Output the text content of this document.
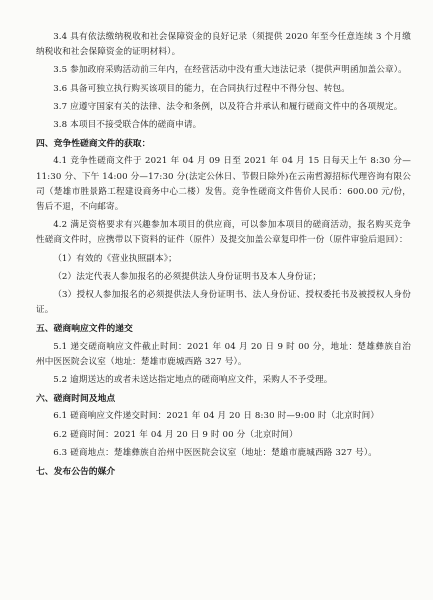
3.4 具有依法缴纳税收和社会保障资金的良好记录（须提供 2020 年至今任意连续 3 个月缴纳税收和社会保障资金的证明材料）。

3.5 参加政府采购活动前三年内，在经营活动中没有重大违法记录（提供声明函加盖公章）。

3.6 具备可独立执行购买该项目的能力，在合同执行过程中不得分包、转包。

3.7 应遵守国家有关的法律、法令和条例，以及符合并承认和履行磋商文件中的各项规定。

3.8 本项目不接受联合体的磋商申请。

四、竞争性磋商文件的获取：

4.1 竞争性磋商文件于 2021 年 04 月 09 日至 2021 年 04 月 15 日每天上午 8:30 分—11:30 分、下午 14:00 分—17:30 分(法定公休日、节假日除外)在云南哲源招标代理咨询有限公司（楚雄市胜景路工程建设商务中心二楼）发售。竞争性磋商文件售价人民币：600.00 元/份，售后不退，不向邮寄。

4.2 满足资格要求有兴趣参加本项目的供应商，可以参加本项目的磋商活动，报名购买竞争性磋商文件时，应携带以下资料的证件（原件）及提交加盖公章复印件一份（原件审验后退回）：

（1）有效的《营业执照副本》；

（2）法定代表人参加报名的必须提供法人身份证明书及本人身份证；

（3）授权人参加报名的必须提供法人身份证明书、法人身份证、授权委托书及被授权人身份证。

五、磋商响应文件的递交

5.1 递交磋商响应文件截止时间：2021 年 04 月 20 日 9 时 00 分，地址：楚雄彝族自治州中医医院会议室（地址：楚雄市鹿城西路 327 号）。

5.2 逾期送达的或者未送达指定地点的磋商响应文件，采购人不予受理。

六、磋商时间及地点

6.1 磋商响应文件递交时间：2021 年 04 月 20 日 8:30 时—9:00 时（北京时间）

6.2 磋商时间：2021 年 04 月 20 日 9 时 00 分（北京时间）

6.3 磋商地点：楚雄彝族自治州中医医院会议室（地址：楚雄市鹿城西路 327 号）。

七、发布公告的媒介
